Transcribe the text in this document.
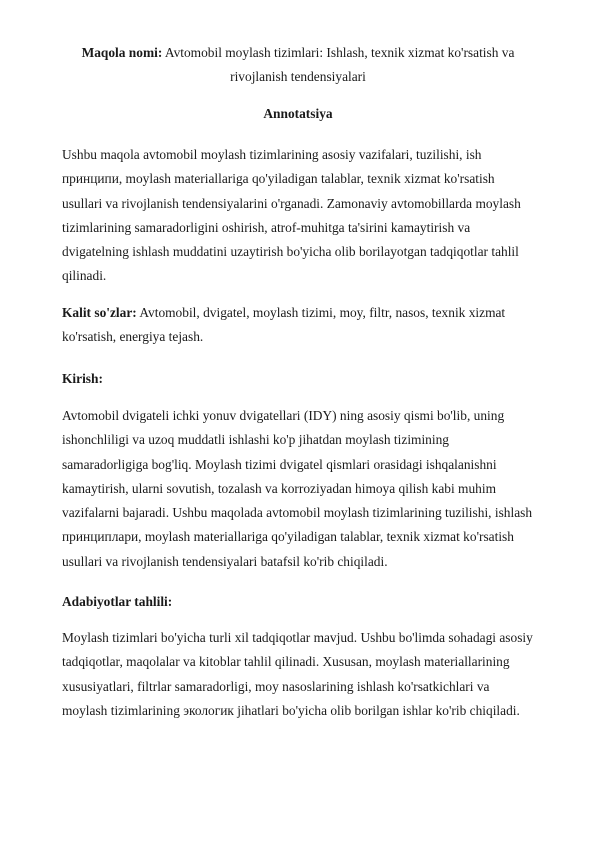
Maqola nomi: Avtomobil moylash tizimlari: Ishlash, texnik xizmat ko'rsatish va rivojlanish tendensiyalari
Annotatsiya

Ushbu maqola avtomobil moylash tizimlarining asosiy vazifalari, tuzilishi, ish принципи, moylash materiallariga qo'yiladigan talablar, texnik xizmat ko'rsatish usullari va rivojlanish tendensiyalarini o'rganadi. Zamonaviy avtomobillarda moylash tizimlarining samaradorligini oshirish, atrof-muhitga ta'sirini kamaytirish va dvigatelning ishlash muddatini uzaytirish bo'yicha olib borilayotgan tadqiqotlar tahlil qilinadi.

Kalit so'zlar: Avtomobil, dvigatel, moylash tizimi, moy, filtr, nasos, texnik xizmat ko'rsatish, energiya tejash.

Kirish:

Avtomobil dvigateli ichki yonuv dvigatellari (IDY) ning asosiy qismi bo'lib, uning ishonchliligi va uzoq muddatli ishlashi ko'p jihatdan moylash tizimining samaradorligiga bog'liq. Moylash tizimi dvigatel qismlari orasidagi ishqalanishni kamaytirish, ularni sovutish, tozalash va korroziyadan himoya qilish kabi muhim vazifalarni bajaradi. Ushbu maqolada avtomobil moylash tizimlarining tuzilishi, ishlash принциплари, moylash materiallariga qo'yiladigan talablar, texnik xizmat ko'rsatish usullari va rivojlanish tendensiyalari batafsil ko'rib chiqiladi.

Adabiyotlar tahlili:

Moylash tizimlari bo'yicha turli xil tadqiqotlar mavjud. Ushbu bo'limda sohadagi asosiy tadqiqotlar, maqolalar va kitoblar tahlil qilinadi. Xususan, moylash materiallarining xususiyatlari, filtrlar samaradorligi, moy nasoslarining ishlash ko'rsatkichlari va moylash tizimlarining экологик jihatlari bo'yicha olib borilgan ishlar ko'rib chiqiladi.
